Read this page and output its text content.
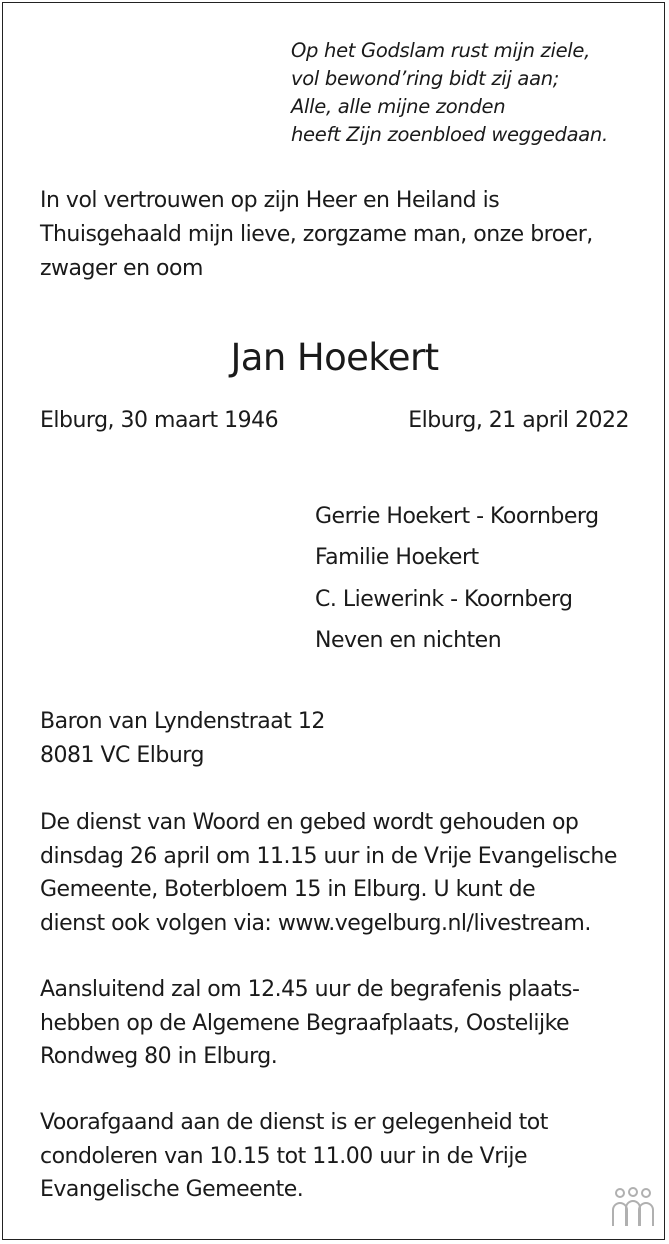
Op het Godslam rust mijn ziele,
vol bewond’ring bidt zij aan;
Alle, alle mijne zonden
heeft Zijn zoenbloed weggedaan.
In vol vertrouwen op zijn Heer en Heiland is
Thuisgehaald mijn lieve, zorgzame man, onze broer,
zwager en oom
Jan Hoekert
Elburg, 30 maart 1946	Elburg, 21 april 2022
Gerrie Hoekert - Koornberg
Familie Hoekert
C. Liewerink - Koornberg
Neven en nichten
Baron van Lyndenstraat 12
8081 VC Elburg
De dienst van Woord en gebed wordt gehouden op
dinsdag 26 april om 11.15 uur in de Vrije Evangelische
Gemeente, Boterbloem 15 in Elburg. U kunt de
dienst ook volgen via: www.vegelburg.nl/livestream.
Aansluitend zal om 12.45 uur de begrafenis plaats-
hebben op de Algemene Begraafplaats, Oostelijke
Rondweg 80 in Elburg.
Voorafgaand aan de dienst is er gelegenheid tot
condoleren van 10.15 tot 11.00 uur in de Vrije
Evangelische Gemeente.
